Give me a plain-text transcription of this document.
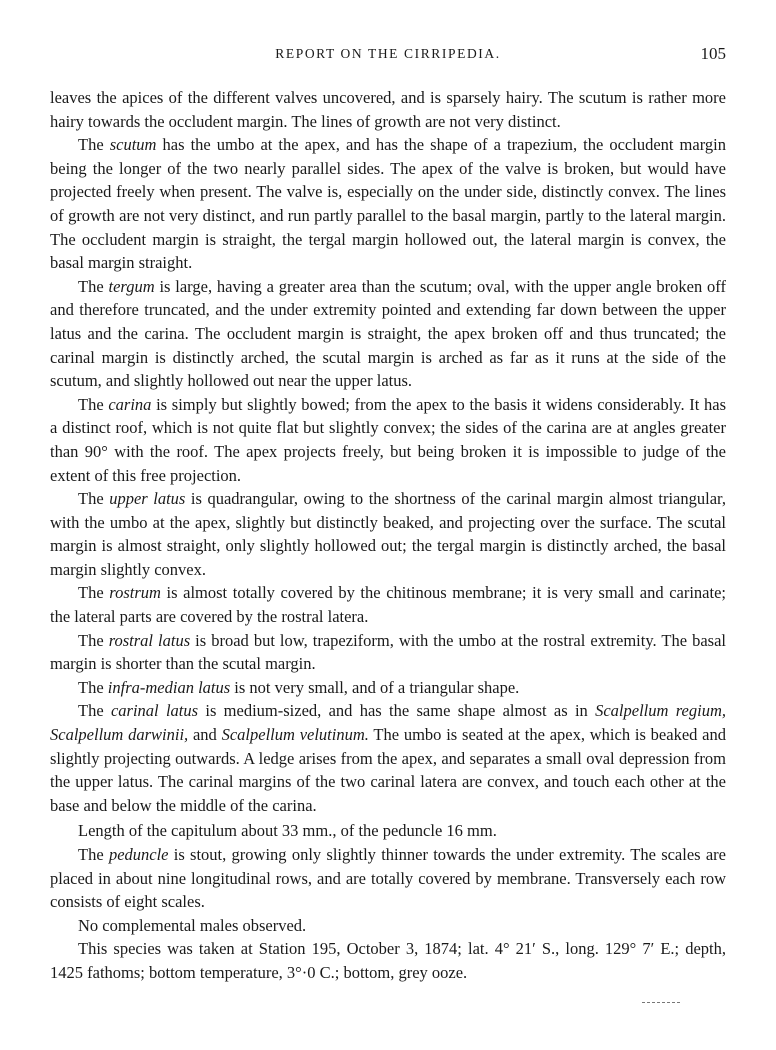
REPORT ON THE CIRRIPEDIA.	105

leaves the apices of the different valves uncovered, and is sparsely hairy. The scutum is rather more hairy towards the occludent margin. The lines of growth are not very distinct.

The scutum has the umbo at the apex, and has the shape of a trapezium, the occludent margin being the longer of the two nearly parallel sides. The apex of the valve is broken, but would have projected freely when present. The valve is, especially on the under side, distinctly convex. The lines of growth are not very distinct, and run partly parallel to the basal margin, partly to the lateral margin. The occludent margin is straight, the tergal margin hollowed out, the lateral margin is convex, the basal margin straight.

The tergum is large, having a greater area than the scutum; oval, with the upper angle broken off and therefore truncated, and the under extremity pointed and extending far down between the upper latus and the carina. The occludent margin is straight, the apex broken off and thus truncated; the carinal margin is distinctly arched, the scutal margin is arched as far as it runs at the side of the scutum, and slightly hollowed out near the upper latus.

The carina is simply but slightly bowed; from the apex to the basis it widens considerably. It has a distinct roof, which is not quite flat but slightly convex; the sides of the carina are at angles greater than 90° with the roof. The apex projects freely, but being broken it is impossible to judge of the extent of this free projection.

The upper latus is quadrangular, owing to the shortness of the carinal margin almost triangular, with the umbo at the apex, slightly but distinctly beaked, and projecting over the surface. The scutal margin is almost straight, only slightly hollowed out; the tergal margin is distinctly arched, the basal margin slightly convex.

The rostrum is almost totally covered by the chitinous membrane; it is very small and carinate; the lateral parts are covered by the rostral latera.

The rostral latus is broad but low, trapeziform, with the umbo at the rostral extremity. The basal margin is shorter than the scutal margin.

The infra-median latus is not very small, and of a triangular shape.

The carinal latus is medium-sized, and has the same shape almost as in Scalpellum regium, Scalpellum darwinii, and Scalpellum velutinum. The umbo is seated at the apex, which is beaked and slightly projecting outwards. A ledge arises from the apex, and separates a small oval depression from the upper latus. The carinal margins of the two carinal latera are convex, and touch each other at the base and below the middle of the carina.

Length of the capitulum about 33 mm., of the peduncle 16 mm.

The peduncle is stout, growing only slightly thinner towards the under extremity. The scales are placed in about nine longitudinal rows, and are totally covered by membrane. Transversely each row consists of eight scales.

No complemental males observed.

This species was taken at Station 195, October 3, 1874; lat. 4° 21′ S., long. 129° 7′ E.; depth, 1425 fathoms; bottom temperature, 3°·0 C.; bottom, grey ooze.
